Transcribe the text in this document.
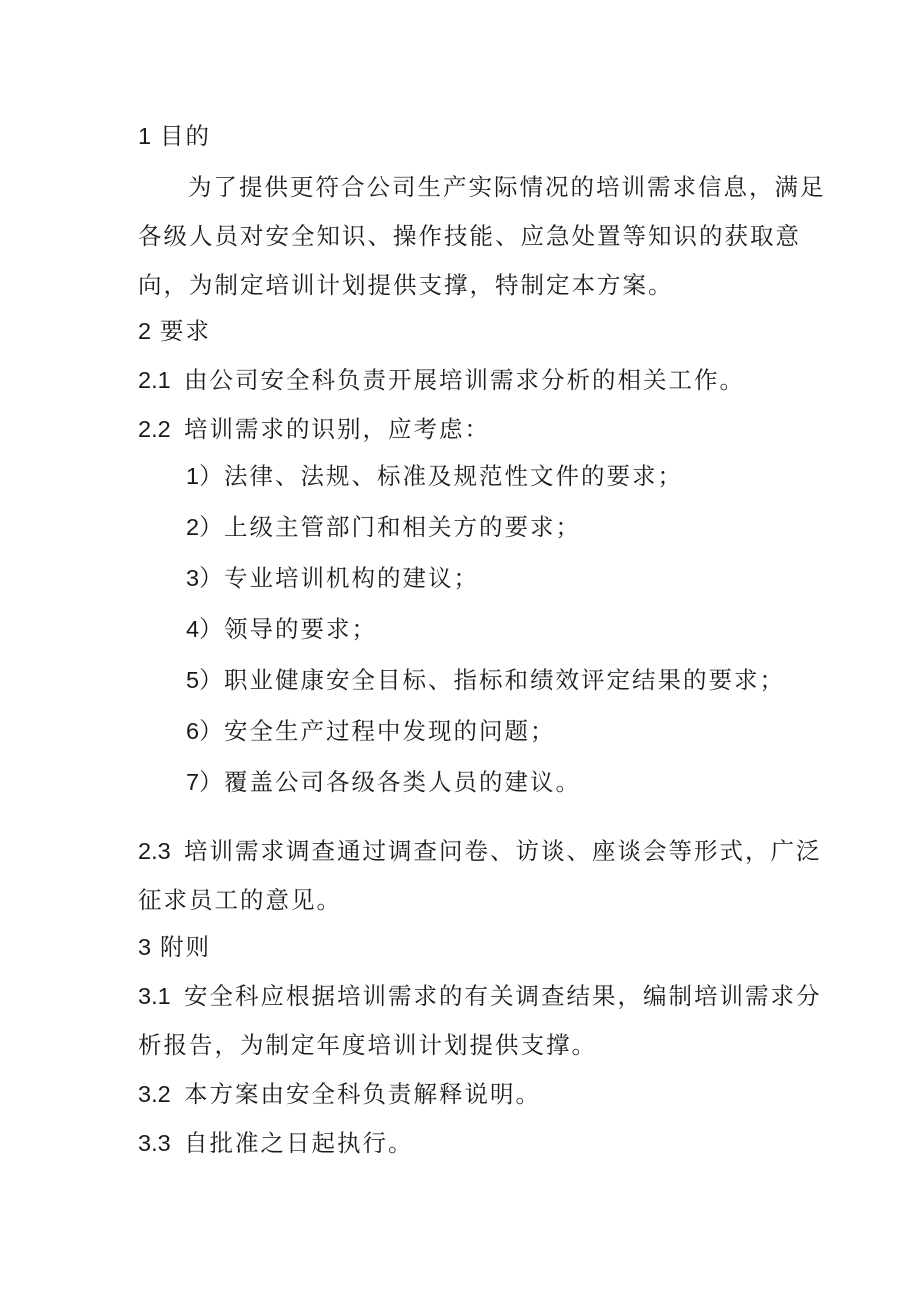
1 目的
为了提供更符合公司生产实际情况的培训需求信息，满足
各级人员对安全知识、操作技能、应急处置等知识的获取意
向，为制定培训计划提供支撑，特制定本方案。
2 要求
2.1 由公司安全科负责开展培训需求分析的相关工作。
2.2 培训需求的识别，应考虑：
1）法律、法规、标准及规范性文件的要求；
2）上级主管部门和相关方的要求；
3）专业培训机构的建议；
4）领导的要求；
5）职业健康安全目标、指标和绩效评定结果的要求；
6）安全生产过程中发现的问题；
7）覆盖公司各级各类人员的建议。
2.3 培训需求调查通过调查问卷、访谈、座谈会等形式，广泛
征求员工的意见。
3 附则
3.1 安全科应根据培训需求的有关调查结果，编制培训需求分
析报告，为制定年度培训计划提供支撑。
3.2 本方案由安全科负责解释说明。
3.3 自批准之日起执行。
